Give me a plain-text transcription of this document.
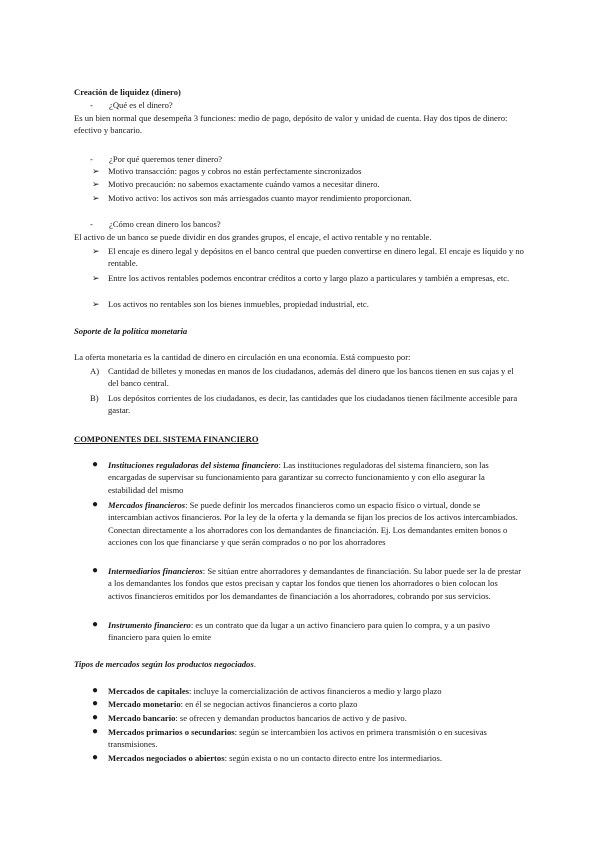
Creación de liquidez (dinero)

- ¿Qué es el dinero?

Es un bien normal que desempeña 3 funciones: medio de pago, depósito de valor y unidad de cuenta. Hay dos tipos de dinero: efectivo y bancario.

- ¿Por qué queremos tener dinero?

➢ Motivo transacción: pagos y cobros no están perfectamente sincronizados

➢ Motivo precaución: no sabemos exactamente cuándo vamos a necesitar dinero.

➢ Motivo activo: los activos son más arriesgados cuanto mayor rendimiento proporcionan.

- ¿Cómo crean dinero los bancos?

El activo de un banco se puede dividir en dos grandes grupos, el encaje, el activo rentable y no rentable.

➢ El encaje es dinero legal y depósitos en el banco central que pueden convertirse en dinero legal. El encaje es líquido y no rentable.

➢ Entre los activos rentables podemos encontrar créditos a corto y largo plazo a particulares y también a empresas, etc.

➢ Los activos no rentables son los bienes inmuebles, propiedad industrial, etc.

Soporte de la política monetaria

La oferta monetaria es la cantidad de dinero en circulación en una economía. Está compuesto por:

A) Cantidad de billetes y monedas en manos de los ciudadanos, además del dinero que los bancos tienen en sus cajas y el del banco central.

B) Los depósitos corrientes de los ciudadanos, es decir, las cantidades que los ciudadanos tienen fácilmente accesible para gastar.

COMPONENTES DEL SISTEMA FINANCIERO

● Instituciones reguladoras del sistema financiero: Las instituciones reguladoras del sistema financiero, son las encargadas de supervisar su funcionamiento para garantizar su correcto funcionamiento y con ello asegurar la estabilidad del mismo

● Mercados financieros: Se puede definir los mercados financieros como un espacio físico o virtual, donde se intercambian activos financieros. Por la ley de la oferta y la demanda se fijan los precios de los activos intercambiados. Conectan directamente a los ahorradores con los demandantes de financiación. Ej. Los demandantes emiten bonos o acciones con los que financiarse y que serán comprados o no por los ahorradores

● Intermediarios financieros: Se sitúan entre ahorradores y demandantes de financiación. Su labor puede ser la de prestar a los demandantes los fondos que estos precisan y captar los fondos que tienen los ahorradores o bien colocan los activos financieros emitidos por los demandantes de financiación a los ahorradores, cobrando por sus servicios.

● Instrumento financiero: es un contrato que da lugar a un activo financiero para quien lo compra, y a un pasivo financiero para quien lo emite

Tipos de mercados según los productos negociados.

● Mercados de capitales: incluye la comercialización de activos financieros a medio y largo plazo

● Mercado monetario: en él se negocian activos financieros a corto plazo

● Mercado bancario: se ofrecen y demandan productos bancarios de activo y de pasivo.

● Mercados primarios o secundarios: según se intercambien los activos en primera transmisión o en sucesivas transmisiones.

● Mercados negociados o abiertos: según exista o no un contacto directo entre los intermediarios.
